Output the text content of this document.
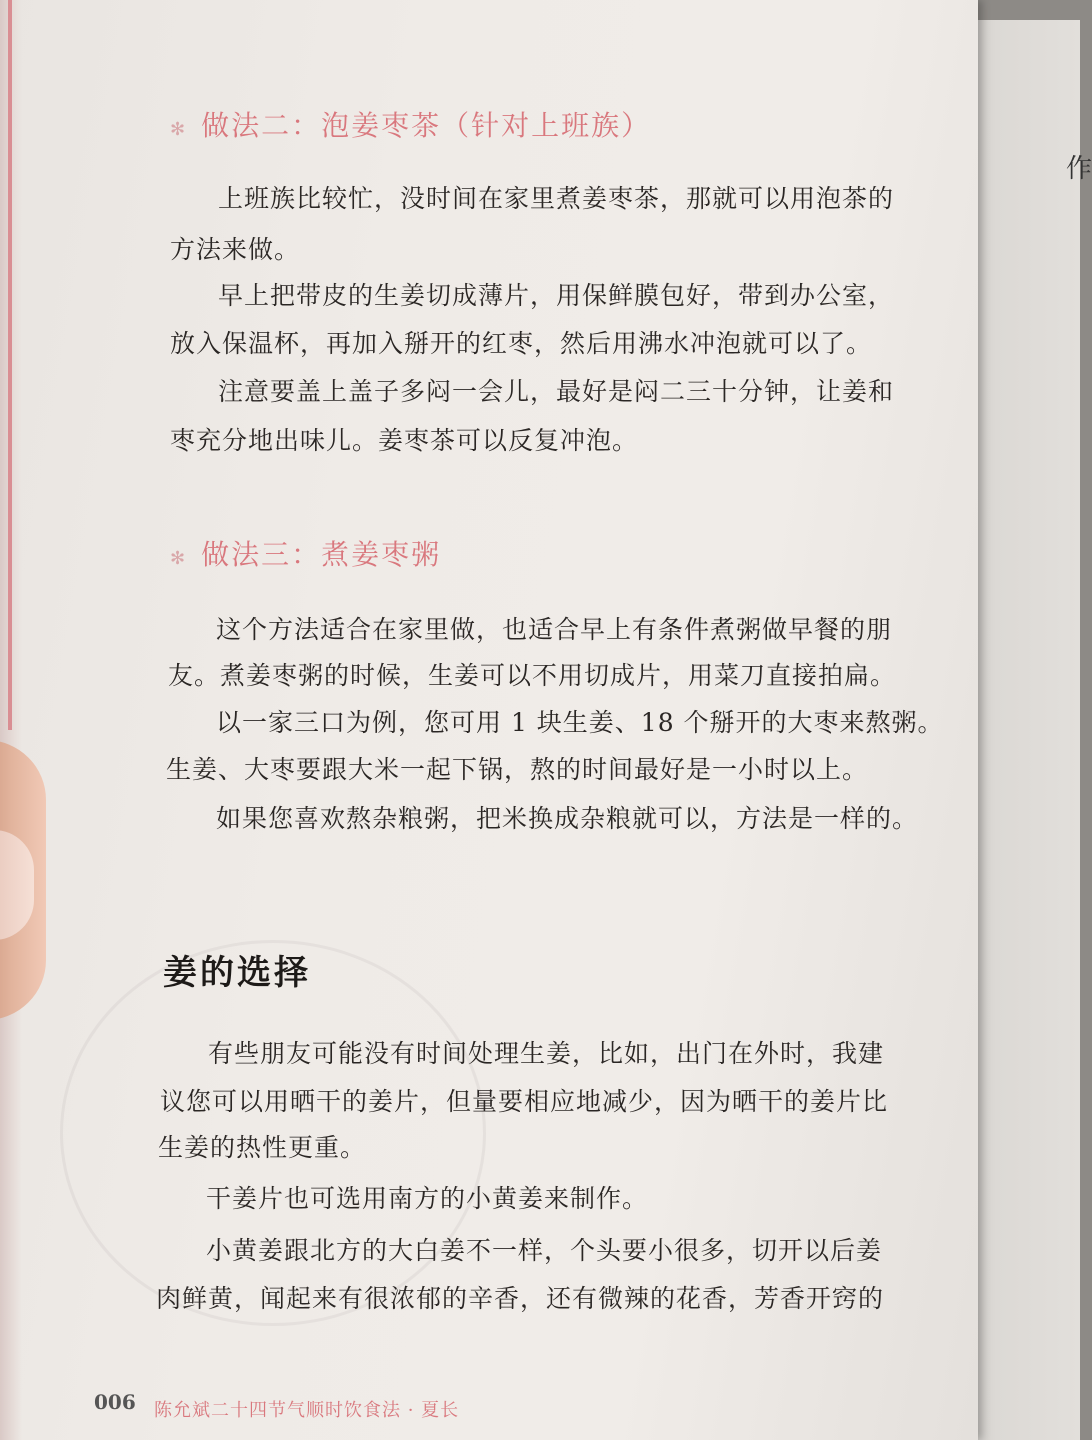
作
✻ 做法二：泡姜枣茶（针对上班族）
上班族比较忙，没时间在家里煮姜枣茶，那就可以用泡茶的
方法来做。
早上把带皮的生姜切成薄片，用保鲜膜包好，带到办公室，
放入保温杯，再加入掰开的红枣，然后用沸水冲泡就可以了。
注意要盖上盖子多闷一会儿，最好是闷二三十分钟，让姜和
枣充分地出味儿。姜枣茶可以反复冲泡。
✻ 做法三：煮姜枣粥
这个方法适合在家里做，也适合早上有条件煮粥做早餐的朋
友。煮姜枣粥的时候，生姜可以不用切成片，用菜刀直接拍扁。
以一家三口为例，您可用 1 块生姜、18 个掰开的大枣来熬粥。
生姜、大枣要跟大米一起下锅，熬的时间最好是一小时以上。
如果您喜欢熬杂粮粥，把米换成杂粮就可以，方法是一样的。
姜的选择
有些朋友可能没有时间处理生姜，比如，出门在外时，我建
议您可以用晒干的姜片，但量要相应地减少，因为晒干的姜片比
生姜的热性更重。
干姜片也可选用南方的小黄姜来制作。
小黄姜跟北方的大白姜不一样，个头要小很多，切开以后姜
肉鲜黄，闻起来有很浓郁的辛香，还有微辣的花香，芳香开窍的
006 陈允斌二十四节气顺时饮食法 · 夏长
